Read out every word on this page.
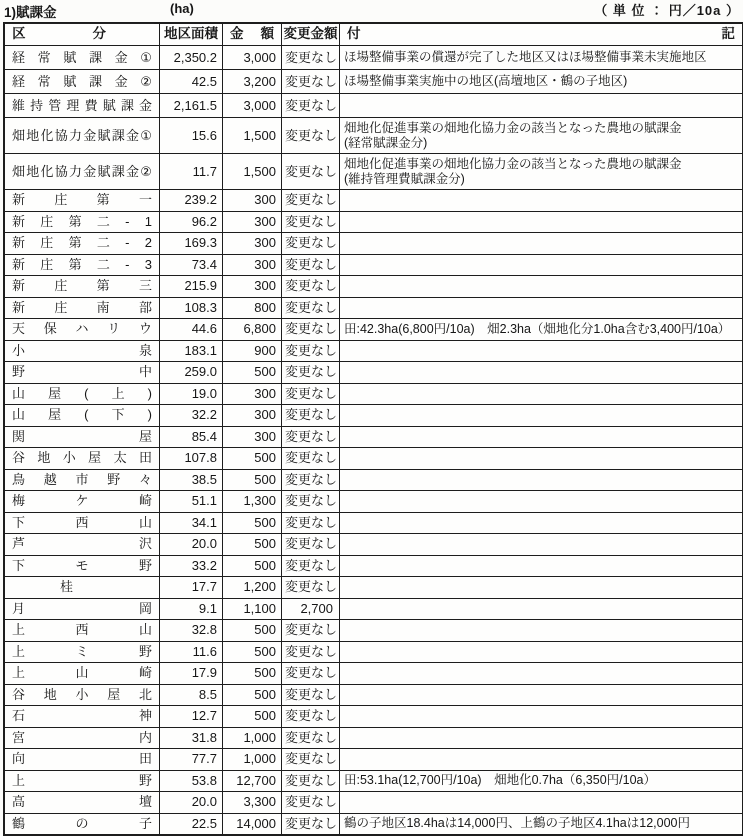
1)賦課金	(ha)	（ 単 位 ： 円／10a ）
区	分	地区面積 金 額 変更金額 付	記
経 常 賦 課 金 ①	2,350.2	3,000 変更なし ほ場整備事業の償還が完了した地区又はほ場整備事業未実施地区
経 常 賦 課 金 ②	42.5	3,200 変更なし ほ場整備事業実施中の地区(高壇地区・鶴の子地区)
維 持 管 理 費 賦 課 金	2,161.5	3,000 変更なし
畑 地 化 協 力 金 賦 課 金 ①	15.6	1,500 変更なし
畑地化促進事業の畑地化協力金の該当となった農地の賦課金
(経常賦課金分)
畑 地 化 協 力 金 賦 課 金 ②	11.7	1,500 変更なし
畑地化促進事業の畑地化協力金の該当となった農地の賦課金
(維持管理費賦課金分)
新 庄 第 一	239.2	300 変更なし
新 庄 第 二 - 1	96.2	300 変更なし
新 庄 第 二 - 2	169.3	300 変更なし
新 庄 第 二 - 3	73.4	300 変更なし
新 庄 第 三	215.9	300 変更なし
新 庄 南 部	108.3	800 変更なし
天 保 ハ リ ウ	44.6	6,800 変更なし 田:42.3ha(6,800円/10a)　畑2.3ha（畑地化分1.0ha含む3,400円/10a）
小	泉	183.1	900 変更なし
野	中	259.0	500 変更なし
山 屋 ( 上 )	19.0	300 変更なし
山 屋 ( 下 )	32.2	300 変更なし
関	屋	85.4	300 変更なし
谷 地 小 屋 太 田	107.8	500 変更なし
鳥 越 市 野 々	38.5	500 変更なし
梅	ケ	崎	51.1	1,300 変更なし
下	西	山	34.1	500 変更なし
芦	沢	20.0	500 変更なし
下	モ	野	33.2	500 変更なし
桂	17.7	1,200 変更なし
月	岡	9.1	1,100	2,700
上	西	山	32.8	500 変更なし
上	ミ	野	11.6	500 変更なし
上	山	崎	17.9	500 変更なし
谷 地 小 屋 北	8.5	500 変更なし
石	神	12.7	500 変更なし
宮	内	31.8	1,000 変更なし
向	田	77.7	1,000 変更なし
上	野	53.8	12,700 変更なし 田:53.1ha(12,700円/10a)　畑地化0.7ha（6,350円/10a）
高	壇	20.0	3,300 変更なし
鶴	の	子	22.5	14,000 変更なし 鶴の子地区18.4haは14,000円、上鶴の子地区4.1haは12,000円
